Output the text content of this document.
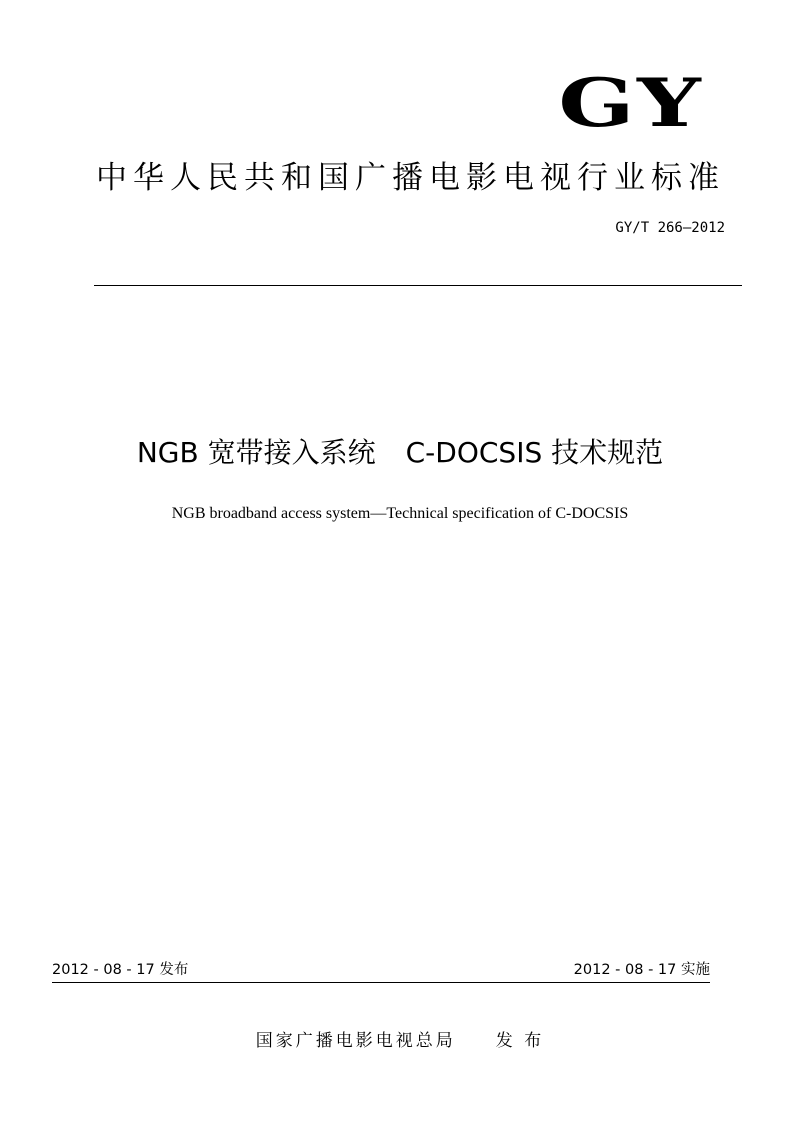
GY
中华人民共和国广播电影电视行业标准
GY/T 266—2012
NGB 宽带接入系统 C-DOCSIS 技术规范
NGB broadband access system—Technical specification of C-DOCSIS
2012 - 08 - 17 发布	2012 - 08 - 17 实施
国家广播电影电视总局 发 布
